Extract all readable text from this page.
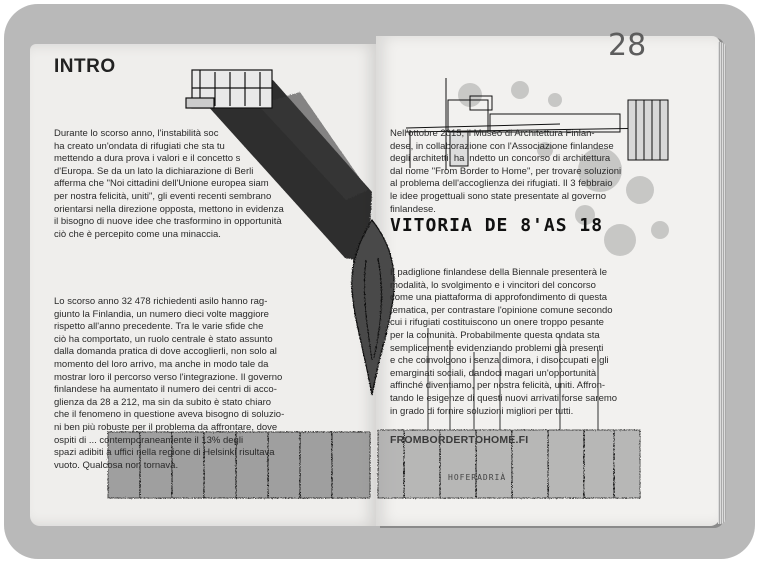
INTRO
Durante lo scorso anno, l'instabilità soc
ha creato un'ondata di rifugiati che sta tu
mettendo a dura prova i valori e il concetto s
d'Europa. Se da un lato la dichiarazione di Berli
afferma che "Noi cittadini dell'Unione europea siam
per nostra felicità, uniti", gli eventi recenti sembrano
orientarsi nella direzione opposta, mettono in evidenza
il bisogno di nuove idee che trasformino in opportunità
ciò che è percepito come una minaccia.
Lo scorso anno 32 478 richiedenti asilo hanno rag-
giunto la Finlandia, un numero dieci volte maggiore
rispetto all'anno precedente. Tra le varie sfide che
ciò ha comportato, un ruolo centrale è stato assunto
dalla domanda pratica di dove accoglierli, non solo al
momento del loro arrivo, ma anche in modo tale da
mostrar loro il percorso verso l'integrazione. Il governo
finlandese ha aumentato il numero dei centri di acco-
glienza da 28 a 212, ma sin da subito è stato chiaro
che il fenomeno in questione aveva bisogno di soluzio-
ni ben più robuste per il problema da affrontare, dove
ospiti di ... contemporaneamente il 13% degli
spazi adibiti a uffici nella regione di Helsinki risultava
vuoto. Qualcosa non tornava.
28
Nell'ottobre 2015, il Museo di Architettura Finlan-
dese, in collaborazione con l'Associazione finlandese
degli architetti, ha indetto un concorso di architettura
dal nome "From Border to Home", per trovare soluzioni
al problema dell'accoglienza dei rifugiati. Il 3 febbraio
le idee progettuali sono state presentate al governo
finlandese.
VITORIA DE 8'AS 18
Il padiglione finlandese della Biennale presenterà le
modalità, lo svolgimento e i vincitori del concorso
come una piattaforma di approfondimento di questa
tematica, per contrastare l'opinione comune secondo
cui i rifugiati costituiscono un onere troppo pesante
per la comunità. Probabilmente questa ondata sta
semplicemente evidenziando problemi già presenti
e che coinvolgono i senza dimora, i disoccupati e gli
emarginati sociali, dandoci magari un'opportunità
affinché diventiamo, per nostra felicità, uniti. Affron-
tando le esigenze di questi nuovi arrivati forse saremo
in grado di fornire soluzioni migliori per tutti.
FROMBORDERTOHOME.FI
HOFERADRIÀ
